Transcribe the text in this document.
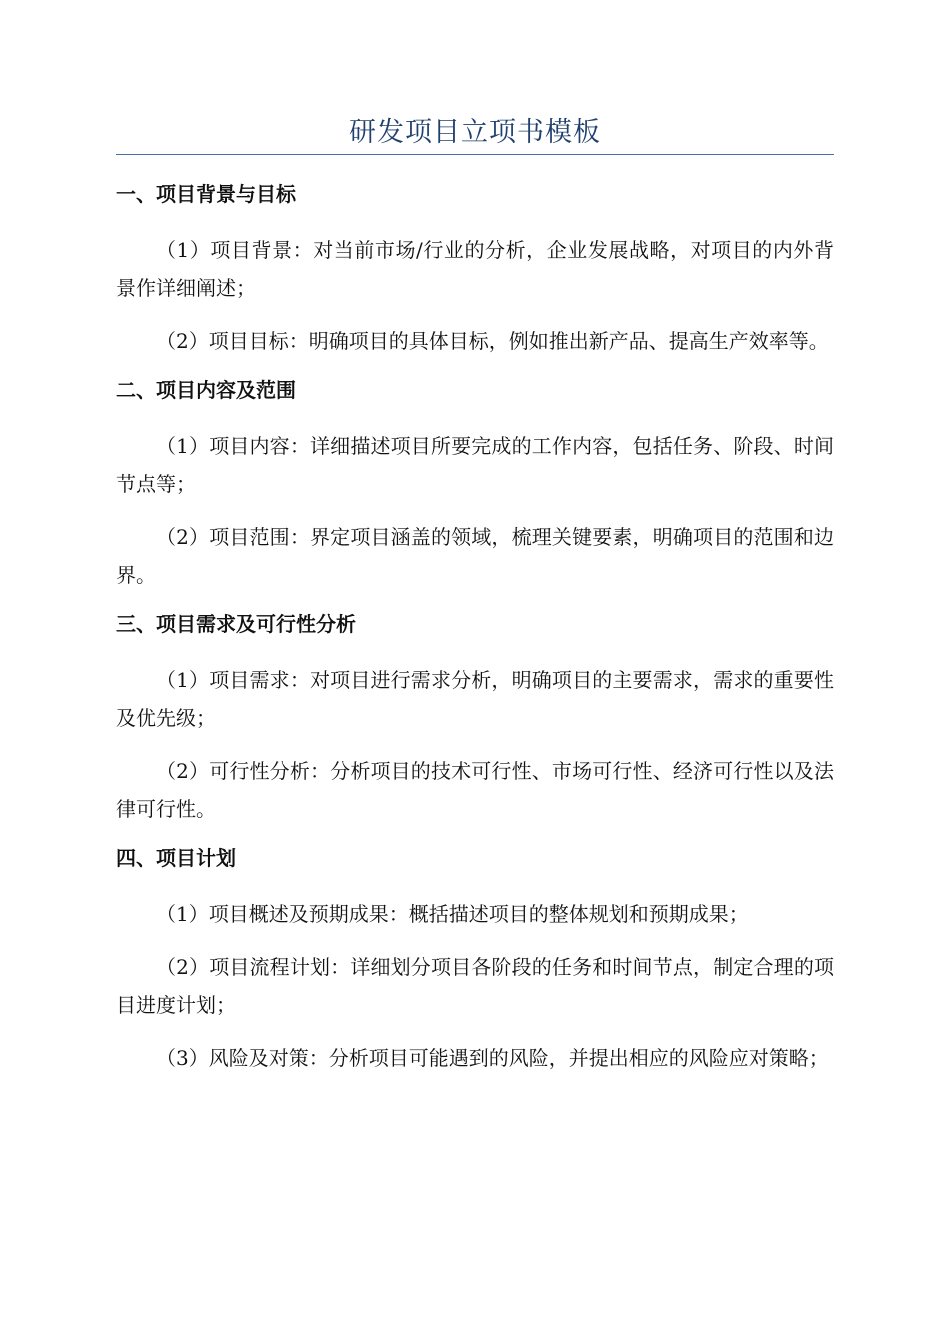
研发项目立项书模板
一、项目背景与目标

（1）项目背景：对当前市场/行业的分析，企业发展战略，对项目的内外背景作详细阐述；

（2）项目目标：明确项目的具体目标，例如推出新产品、提高生产效率等。

二、项目内容及范围

（1）项目内容：详细描述项目所要完成的工作内容，包括任务、阶段、时间节点等；

（2）项目范围：界定项目涵盖的领域，梳理关键要素，明确项目的范围和边界。

三、项目需求及可行性分析

（1）项目需求：对项目进行需求分析，明确项目的主要需求，需求的重要性及优先级；

（2）可行性分析：分析项目的技术可行性、市场可行性、经济可行性以及法律可行性。

四、项目计划

（1）项目概述及预期成果：概括描述项目的整体规划和预期成果；

（2）项目流程计划：详细划分项目各阶段的任务和时间节点，制定合理的项目进度计划；

（3）风险及对策：分析项目可能遇到的风险，并提出相应的风险应对策略；
